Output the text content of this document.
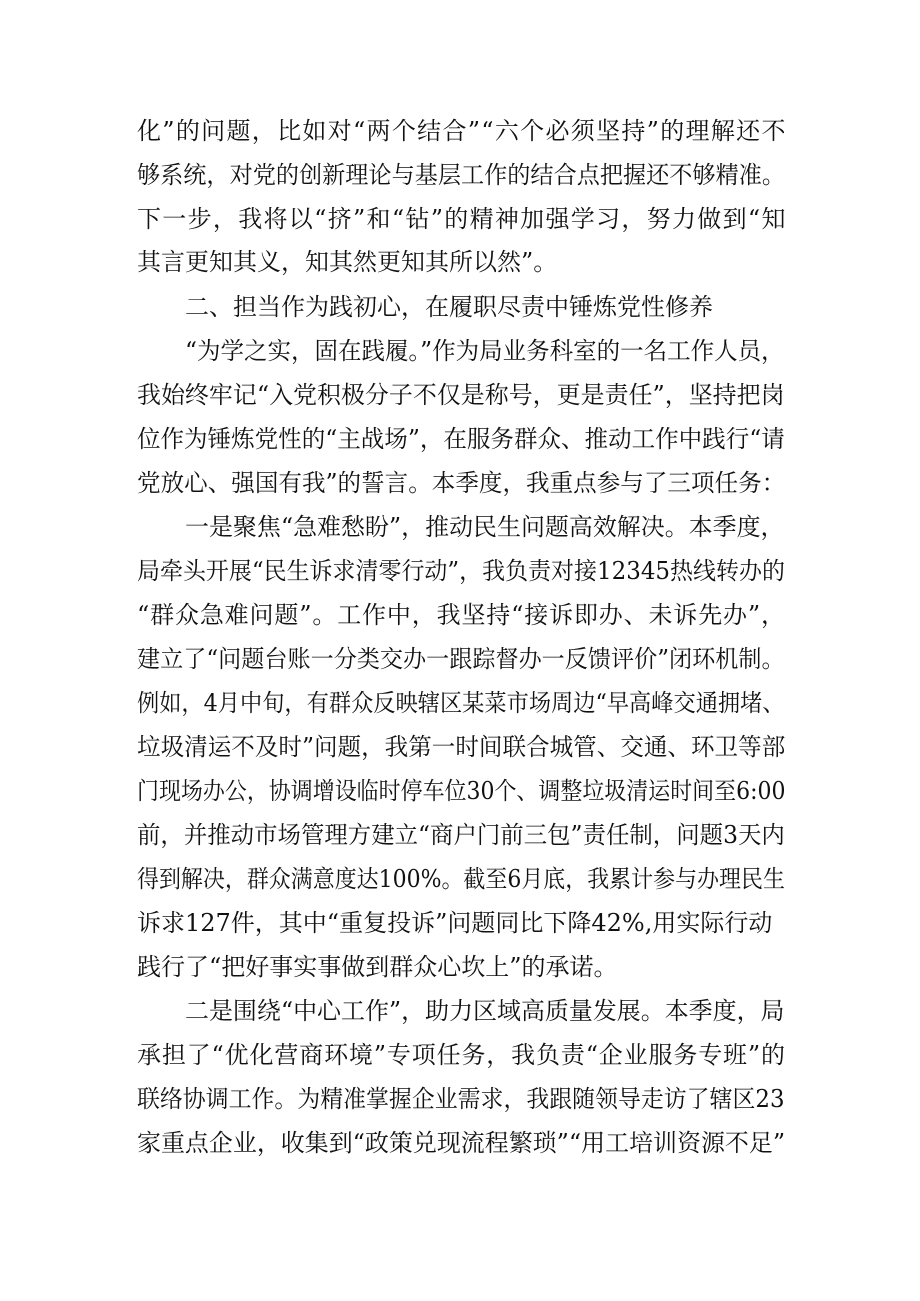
化”的问题，比如对“两个结合”“六个必须坚持”的理解还不
够系统，对党的创新理论与基层工作的结合点把握还不够精准。
下一步，我将以“挤”和“钻”的精神加强学习，努力做到“知
其言更知其义，知其然更知其所以然”。
二、担当作为践初心，在履职尽责中锤炼党性修养
“为学之实，固在践履。”作为局业务科室的一名工作人员，
我始终牢记“入党积极分子不仅是称号，更是责任”，坚持把岗
位作为锤炼党性的“主战场”，在服务群众、推动工作中践行“请
党放心、强国有我”的誓言。本季度，我重点参与了三项任务：
一是聚焦“急难愁盼”，推动民生问题高效解决。本季度，
局牵头开展“民生诉求清零行动”，我负责对接12345热线转办的
“群众急难问题”。工作中，我坚持“接诉即办、未诉先办”，
建立了“问题台账一分类交办一跟踪督办一反馈评价”闭环机制。
例如，4月中旬，有群众反映辖区某菜市场周边“早高峰交通拥堵、
垃圾清运不及时”问题，我第一时间联合城管、交通、环卫等部
门现场办公，协调增设临时停车位30个、调整垃圾清运时间至6:00
前，并推动市场管理方建立“商户门前三包”责任制，问题3天内
得到解决，群众满意度达100%。截至6月底，我累计参与办理民生
诉求127件，其中“重复投诉”问题同比下降42%,用实际行动
践行了“把好事实事做到群众心坎上”的承诺。
二是围绕“中心工作”，助力区域高质量发展。本季度，局
承担了“优化营商环境”专项任务，我负责“企业服务专班”的
联络协调工作。为精准掌握企业需求，我跟随领导走访了辖区23
家重点企业，收集到“政策兑现流程繁琐”“用工培训资源不足”
